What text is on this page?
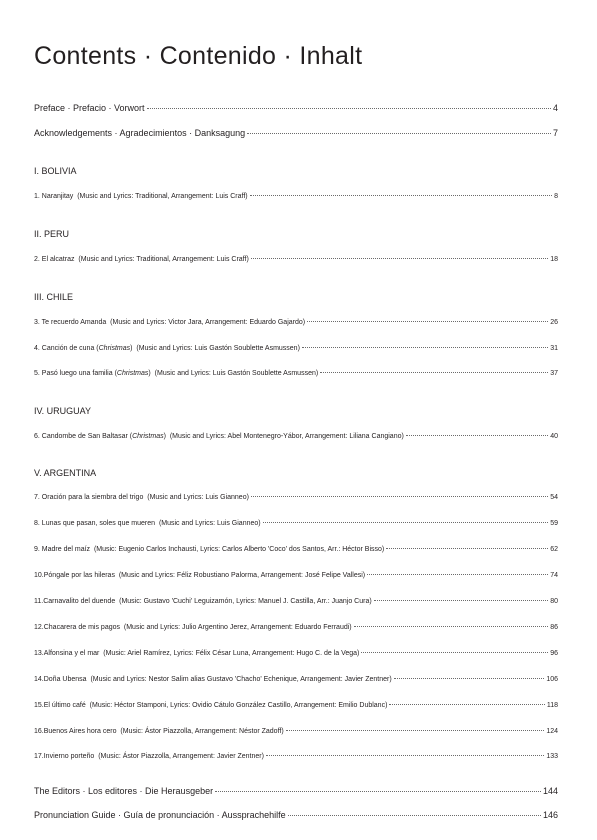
Contents · Contenido · Inhalt
Preface · Prefacio · Vorwort	4
Acknowledgements · Agradecimientos · Danksagung	7
I. BOLIVIA
1. Naranjitay (Music and Lyrics: Traditional, Arrangement: Luis Craff)	8
II. PERU
2. El alcatraz (Music and Lyrics: Traditional, Arrangement: Luis Craff)	18
III. CHILE
3. Te recuerdo Amanda (Music and Lyrics: Victor Jara, Arrangement: Eduardo Gajardo)	26
4. Canción de cuna (Christmas)  (Music and Lyrics: Luis Gastón Soublette Asmussen)	31
5. Pasó luego una familia (Christmas)  (Music and Lyrics: Luis Gastón Soublette Asmussen)	37
IV. URUGUAY
6. Candombe de San Baltasar (Christmas)  (Music and Lyrics: Abel Montenegro-Yábor, Arrangement: Liliana Cangiano)	40
V. ARGENTINA
7. Oración para la siembra del trigo (Music and Lyrics: Luis Gianneo)	54
8. Lunas que pasan, soles que mueren (Music and Lyrics: Luis Gianneo)	59
9. Madre del maíz (Music: Eugenio Carlos Inchausti, Lyrics: Carlos Alberto 'Coco' dos Santos, Arr.: Héctor Bisso)	62
10.Póngale por las hileras (Music and Lyrics: Féliz Robustiano Palorma, Arrangement: José Felipe Vallesi)	74
11.Carnavalito del duende (Music: Gustavo 'Cuchi' Leguizamón, Lyrics: Manuel J. Castilla, Arr.: Juanjo Cura)	80
12.Chacarera de mis pagos (Music and Lyrics: Julio Argentino Jerez, Arrangement: Eduardo Ferraudi)	86
13.Alfonsina y el mar (Music: Ariel Ramírez, Lyrics: Félix César Luna, Arrangement: Hugo C. de la Vega)	96
14.Doña Ubensa (Music and Lyrics: Nestor Salim alias Gustavo 'Chacho' Echenique, Arrangement: Javier Zentner)	106
15.El último café (Music: Héctor Stamponi, Lyrics: Ovidio Cátulo González Castillo, Arrangement: Emilio Dublanc)	118
16.Buenos Aires hora cero (Music: Ástor Piazzolla, Arrangement: Néstor Zadoff)	124
17.Invierno porteño (Music: Ástor Piazzolla, Arrangement: Javier Zentner)	133
The Editors · Los editores · Die Herausgeber	144
Pronunciation Guide · Guía de pronunciación · Aussprachehilfe	146
